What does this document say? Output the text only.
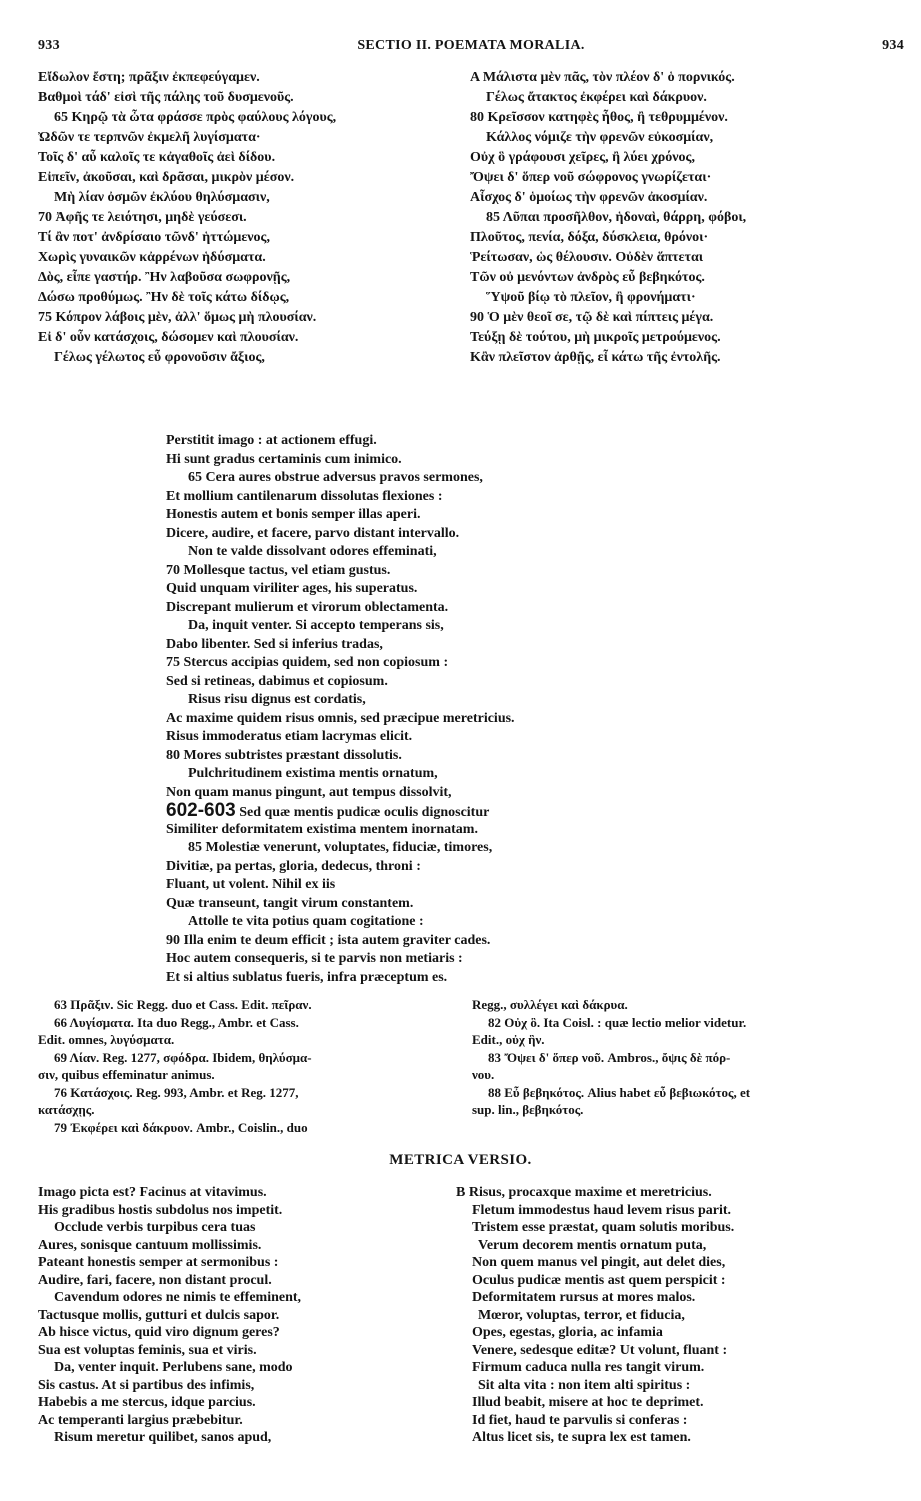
933	SECTIO II. POEMATA MORALIA.	934
Εἴδωλον ἔστη; πρᾶξιν ἐκπεφεύγαμεν.
Βαθμοὶ τάδ' εἰσὶ τῆς πάλης τοῦ δυσμενοῦς.
65 Κηρῷ τὰ ὦτα φράσσε πρὸς φαύλους λόγους,
Ὠδῶν τε τερπνῶν ἐκμελῆ λυγίσματα·
Τοῖς δ' αὖ καλοῖς τε κἀγαθοῖς ἀεὶ δίδου.
Εἰπεῖν, ἀκοῦσαι, καὶ δρᾶσαι, μικρὸν μέσον.
Μὴ λίαν ὀσμῶν ἐκλύου θηλύσμασιν,
70 Ἀφῆς τε λειότησι, μηδὲ γεύσεσι.
Τί ἂν ποτ' ἀνδρίσαιο τῶνδ' ἡττώμενος,
Χωρὶς γυναικῶν κἀρρένων ἡδύσματα.
Δὸς, εἶπε γαστήρ. Ἢν λαβοῦσα σωφρονῇς,
Δώσω προθύμως. Ἢν δὲ τοῖς κάτω δίδῳς,
75 Κόπρον λάβοις μὲν, ἀλλ' ὅμως μὴ πλουσίαν.
Εἰ δ' οὖν κατάσχοις, δώσομεν καὶ πλουσίαν.
Γέλως γέλωτος εὖ φρονοῦσιν ἄξιος,
A Μάλιστα μὲν πᾶς, τὸν πλέον δ' ὁ πορνικός.
Γέλως ἄτακτος ἐκφέρει καὶ δάκρυον.
80 Κρεῖσσον κατηφὲς ἦθος, ἢ τεθρυμμένον.
Κάλλος νόμιζε τὴν φρενῶν εὐκοσμίαν,
Οὐχ ὃ γράφουσι χεῖρες, ἢ λύει χρόνος,
Ὄψει δ' ὅπερ νοῦ σώφρονος γνωρίζεται·
Αἶσχος δ' ὁμοίως τὴν φρενῶν ἀκοσμίαν.
85 Λῦπαι προσῆλθον, ἡδοναὶ, θάρρη, φόβοι,
Πλοῦτος, πενία, δόξα, δύσκλεια, θρόνοι·
Ῥείτωσαν, ὡς θέλουσιν. Οὐδὲν ἅπτεται
Τῶν οὐ μενόντων ἀνδρὸς εὖ βεβηκότος.
Ὕψοῦ βίῳ τὸ πλεῖον, ἢ φρονήματι·
90 Ὁ μὲν θεοῖ σε, τῷ δὲ καὶ πίπτεις μέγα.
Τεύξῃ δὲ τούτου, μὴ μικροῖς μετρούμενος.
Κἂν πλεῖστον ἀρθῇς, εἶ κάτω τῆς ἐντολῆς.
Perstitit imago : at actionem effugi.
Hi sunt gradus certaminis cum inimico.
65 Cera aures obstrue adversus pravos sermones,
Et mollium cantilenarum dissolutas flexiones :
Honestis autem et bonis semper illas aperi.
Dicere, audire, et facere, parvo distant intervallo.
Non te valde dissolvant odores effeminati,
70 Mollesque tactus, vel etiam gustus.
Quid unquam viriliter ages, his superatus.
Discrepant mulierum et virorum oblectamenta.
Da, inquit venter. Si accepto temperans sis,
Dabo libenter. Sed si inferius tradas,
75 Stercus accipias quidem, sed non copiosum :
Sed si retineas, dabimus et copiosum.
Risus risu dignus est cordatis,
Ac maxime quidem risus omnis, sed præcipue meretricius.
Risus immoderatus etiam lacrymas elicit.
80 Mores subtristes præstant dissolutis.
Pulchritudinem existima mentis ornatum,
Non quam manus pingunt, aut tempus dissolvit,
602-603 Sed quæ mentis pudicæ oculis dignoscitur
Similiter deformitatem existima mentem inornatam.
85 Molestiæ venerunt, voluptates, fiduciæ, timores,
Divitiæ, pa pertas, gloria, dedecus, throni :
Fluant, ut volent. Nihil ex iis
Quæ transeunt, tangit virum constantem.
Attolle te vita potius quam cogitatione :
90 Illa enim te deum efficit ; ista autem graviter cades.
Hoc autem consequeris, si te parvis non metiaris :
Et si altius sublatus fueris, infra præceptum es.
63 Πρᾶξιν. Sic Regg. duo et Cass. Edit. πεῖραν.
66 Λυγίσματα. Ita duo Regg., Ambr. et Cass.
Edit. omnes, λυγύσματα.
69 Λίαν. Reg. 1277, σφόδρα. Ibidem, θηλύσμα-
σιν, quibus effeminatur animus.
76 Κατάσχοις. Reg. 993, Ambr. et Reg. 1277,
κατάσχῃς.
79 Ἐκφέρει καὶ δάκρυον. Ambr., Coislin., duo
Regg., συλλέγει καὶ δάκρυα.
82 Οὐχ ὃ. Ita Coisl. : quæ lectio melior videtur.
Edit., οὐχ ἣν.
83 Ὄψει δ' ὅπερ νοῦ. Ambros., ὄψις δὲ πόρ-
νου.
88 Εὖ βεβηκότος. Alius habet εὖ βεβιωκότος, et
sup. lin., βεβηκότος.
METRICA VERSIO.
Imago picta est? Facinus at vitavimus.
His gradibus hostis subdolus nos impetit.
Occlude verbis turpibus cera tuas
Aures, sonisque cantuum mollissimis.
Pateant honestis semper at sermonibus :
Audire, fari, facere, non distant procul.
Cavendum odores ne nimis te effeminent,
Tactusque mollis, gutturi et dulcis sapor.
Ab hisce victus, quid viro dignum geres?
Sua est voluptas feminis, sua et viris.
Da, venter inquit. Perlubens sane, modo
Sis castus. At si partibus des infimis,
Habebis a me stercus, idque parcius.
Ac temperanti largius præbebitur.
Risum meretur quilibet, sanos apud,
B Risus, procaxque maxime et meretricius.
Fletum immodestus haud levem risus parit.
Tristem esse præstat, quam solutis moribus.
Verum decorem mentis ornatum puta,
Non quem manus vel pingit, aut delet dies,
Oculus pudicæ mentis ast quem perspicit :
Deformitatem rursus at mores malos.
Mœror, voluptas, terror, et fiducia,
Opes, egestas, gloria, ac infamia
Venere, sedesque editæ? Ut volunt, fluant :
Firmum caduca nulla res tangit virum.
Sit alta vita : non item alti spiritus :
Illud beabit, misere at hoc te deprimet.
Id fiet, haud te parvulis si conferas :
Altus licet sis, te supra lex est tamen.
